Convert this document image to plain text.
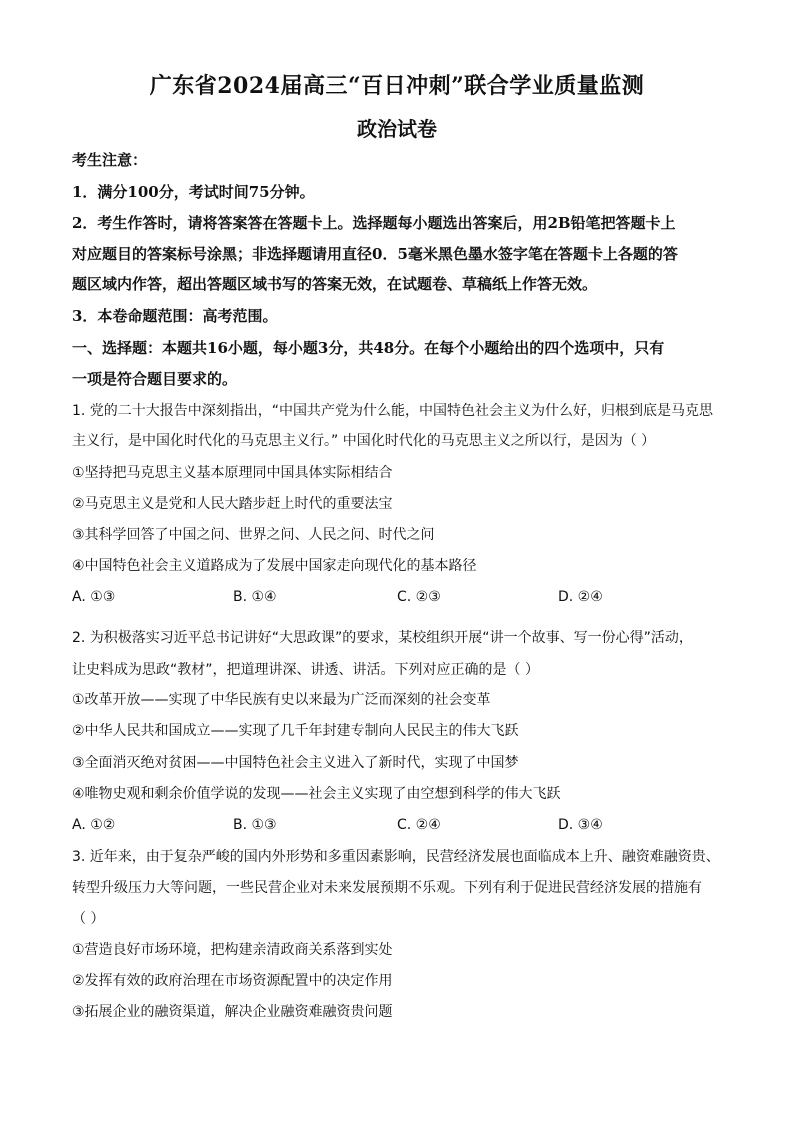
广东省2024届高三“百日冲刺”联合学业质量监测
政治试卷
考生注意：
1．满分100分，考试时间75分钟。
2．考生作答时，请将答案答在答题卡上。选择题每小题选出答案后，用2B铅笔把答题卡上
对应题目的答案标号涂黑；非选择题请用直径0．5毫米黑色墨水签字笔在答题卡上各题的答
题区域内作答，超出答题区域书写的答案无效，在试题卷、草稿纸上作答无效。
3．本卷命题范围：高考范围。
一、选择题：本题共16小题，每小题3分，共48分。在每个小题给出的四个选项中，只有
一项是符合题目要求的。
1. 党的二十大报告中深刻指出，“中国共产党为什么能，中国特色社会主义为什么好，归根到底是马克思
主义行，是中国化时代化的马克思主义行。” 中国化时代化的马克思主义之所以行，是因为（ ）
①坚持把马克思主义基本原理同中国具体实际相结合
②马克思主义是党和人民大踏步赶上时代的重要法宝
③其科学回答了中国之问、世界之问、人民之问、时代之问
④中国特色社会主义道路成为了发展中国家走向现代化的基本路径
A. ①③	B. ①④	C. ②③	D. ②④
2. 为积极落实习近平总书记讲好“大思政课”的要求，某校组织开展“讲一个故事、写一份心得”活动，
让史料成为思政“教材”，把道理讲深、讲透、讲活。下列对应正确的是（ ）
①改革开放——实现了中华民族有史以来最为广泛而深刻的社会变革
②中华人民共和国成立——实现了几千年封建专制向人民民主的伟大飞跃
③全面消灭绝对贫困——中国特色社会主义进入了新时代，实现了中国梦
④唯物史观和剩余价值学说的发现——社会主义实现了由空想到科学的伟大飞跃
A. ①②	B. ①③	C. ②④	D. ③④
3. 近年来，由于复杂严峻的国内外形势和多重因素影响，民营经济发展也面临成本上升、融资难融资贵、
转型升级压力大等问题，一些民营企业对未来发展预期不乐观。下列有利于促进民营经济发展的措施有
（ ）
①营造良好市场环境，把构建亲清政商关系落到实处
②发挥有效的政府治理在市场资源配置中的决定作用
③拓展企业的融资渠道，解决企业融资难融资贵问题
